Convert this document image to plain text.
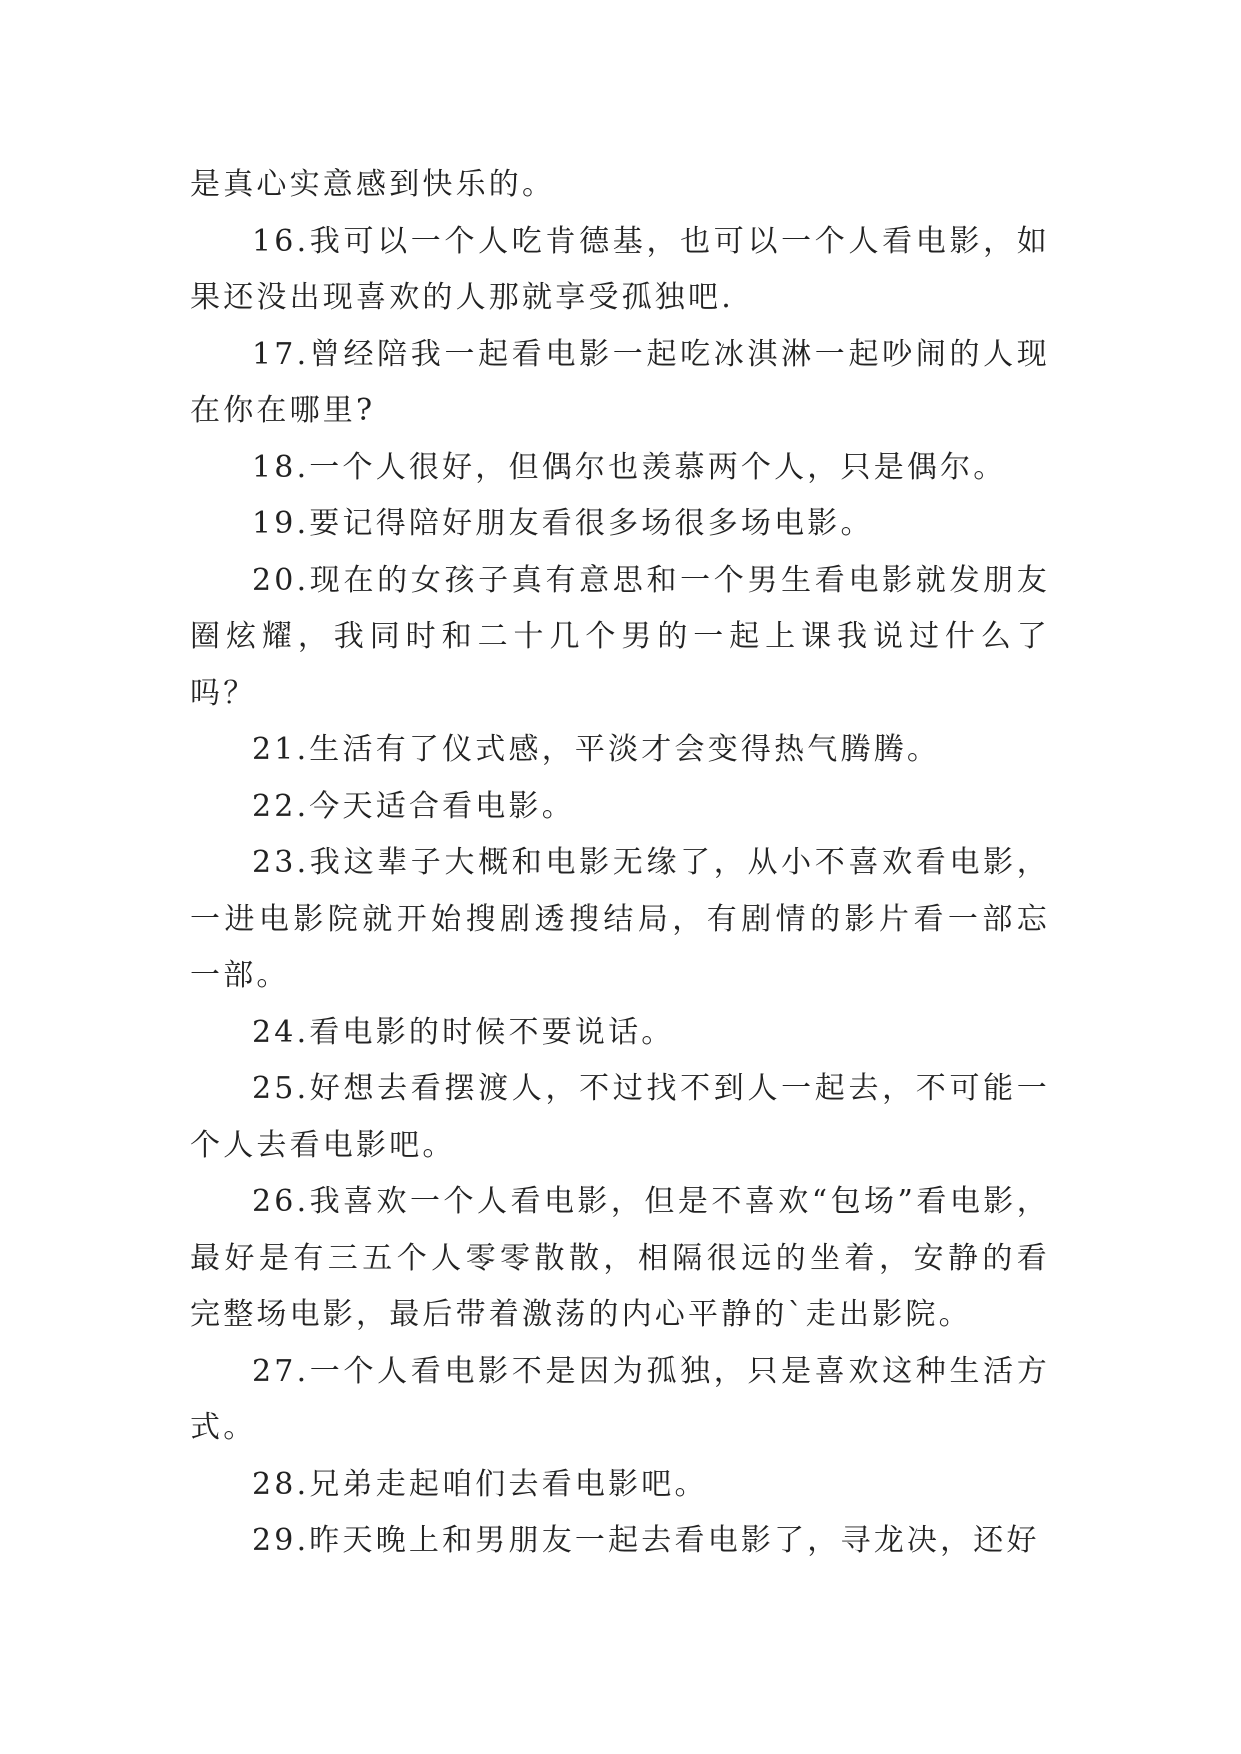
是真心实意感到快乐的。

16.我可以一个人吃肯德基，也可以一个人看电影，如果还没出现喜欢的人那就享受孤独吧.

17.曾经陪我一起看电影一起吃冰淇淋一起吵闹的人现在你在哪里?

18.一个人很好，但偶尔也羡慕两个人，只是偶尔。

19.要记得陪好朋友看很多场很多场电影。

20.现在的女孩子真有意思和一个男生看电影就发朋友圈炫耀，我同时和二十几个男的一起上课我说过什么了吗？

21.生活有了仪式感，平淡才会变得热气腾腾。

22.今天适合看电影。

23.我这辈子大概和电影无缘了，从小不喜欢看电影，一进电影院就开始搜剧透搜结局，有剧情的影片看一部忘一部。

24.看电影的时候不要说话。

25.好想去看摆渡人，不过找不到人一起去，不可能一个人去看电影吧。

26.我喜欢一个人看电影，但是不喜欢“包场”看电影，最好是有三五个人零零散散，相隔很远的坐着，安静的看完整场电影，最后带着激荡的内心平静的`走出影院。

27.一个人看电影不是因为孤独，只是喜欢这种生活方式。

28.兄弟走起咱们去看电影吧。

29.昨天晚上和男朋友一起去看电影了，寻龙决，还好
